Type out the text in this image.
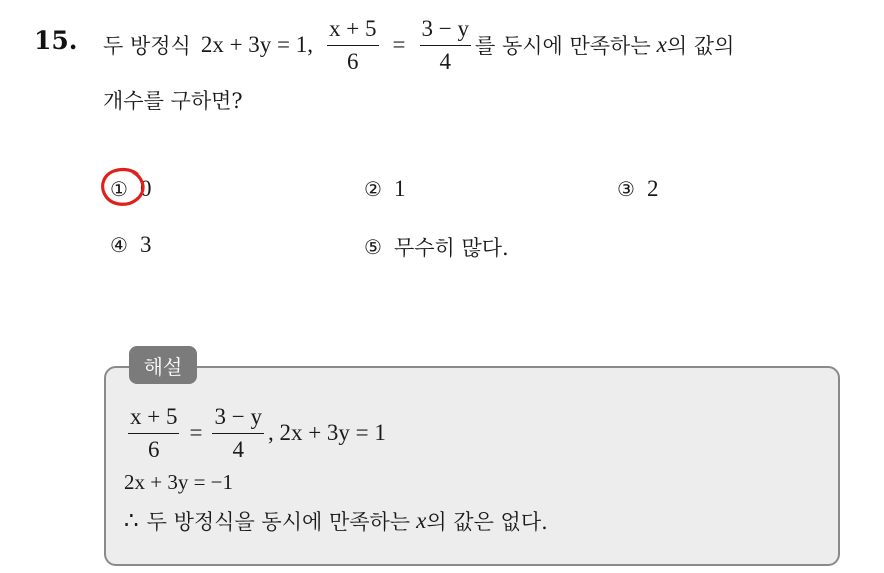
15. 두 방정식 2x + 3y = 1, $\frac{x + 5}{6} = \frac{3 - y}{4}$ 를 동시에 만족하는 x 의 값의
개수를 구하면?
① 0	② 1	③ 2
④ 3	⑤ 무수히 많다.
해설
$\frac{x + 5}{6} = \frac{3 - y}{4}$ , 2x + 3y = 1
2x + 3y = −1
∴ 두 방정식을 동시에 만족하는 x 의 값은 없다.
